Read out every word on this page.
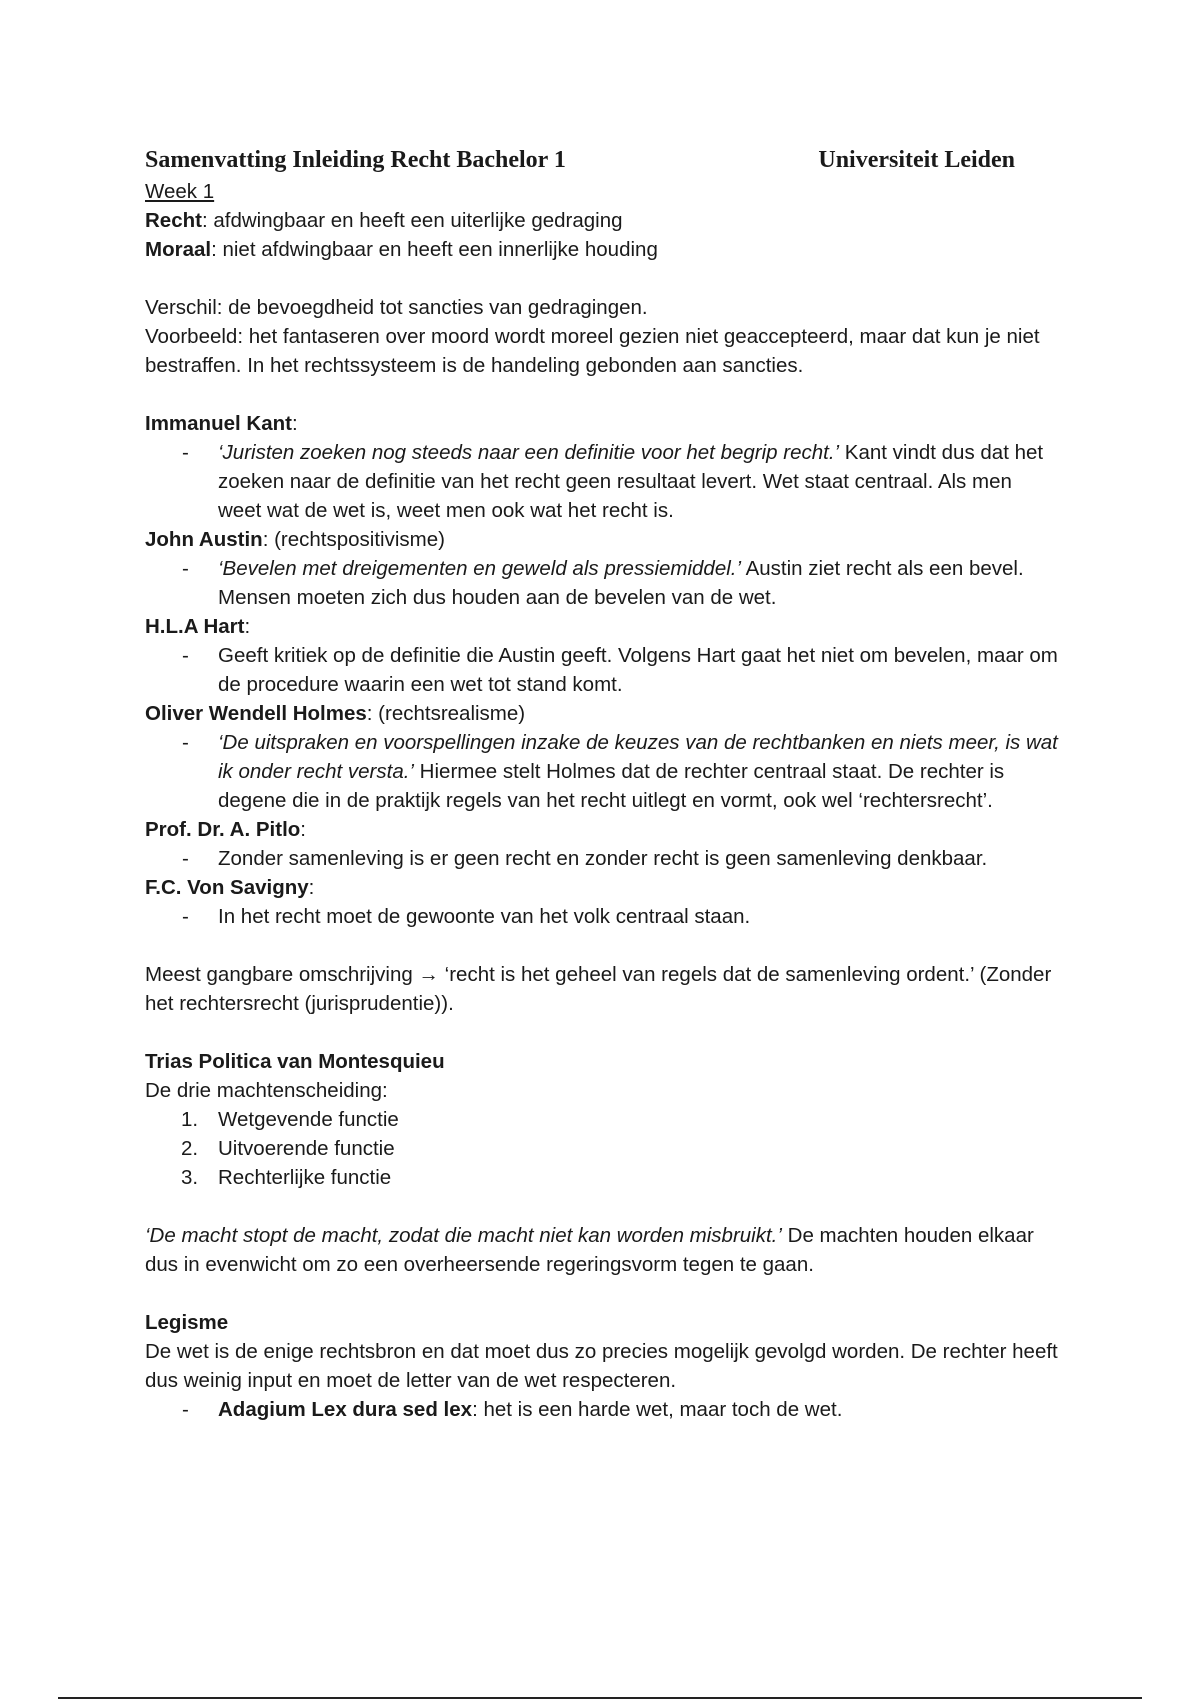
Samenvatting Inleiding Recht Bachelor 1	Universiteit Leiden

Week 1

Recht: afdwingbaar en heeft een uiterlijke gedraging

Moraal: niet afdwingbaar en heeft een innerlijke houding

Verschil: de bevoegdheid tot sancties van gedragingen.

Voorbeeld: het fantaseren over moord wordt moreel gezien niet geaccepteerd, maar dat kun je niet bestraffen. In het rechtssysteem is de handeling gebonden aan sancties.

Immanuel Kant:

- ‘Juristen zoeken nog steeds naar een definitie voor het begrip recht.’ Kant vindt dus dat het zoeken naar de definitie van het recht geen resultaat levert. Wet staat centraal. Als men weet wat de wet is, weet men ook wat het recht is.

John Austin: (rechtspositivisme)

- ‘Bevelen met dreigementen en geweld als pressiemiddel.’ Austin ziet recht als een bevel. Mensen moeten zich dus houden aan de bevelen van de wet.

H.L.A Hart:

- Geeft kritiek op de definitie die Austin geeft. Volgens Hart gaat het niet om bevelen, maar om de procedure waarin een wet tot stand komt.

Oliver Wendell Holmes: (rechtsrealisme)

- ‘De uitspraken en voorspellingen inzake de keuzes van de rechtbanken en niets meer, is wat ik onder recht versta.’ Hiermee stelt Holmes dat de rechter centraal staat. De rechter is degene die in de praktijk regels van het recht uitlegt en vormt, ook wel ‘rechtersrecht’.

Prof. Dr. A. Pitlo:

- Zonder samenleving is er geen recht en zonder recht is geen samenleving denkbaar.

F.C. Von Savigny:

- In het recht moet de gewoonte van het volk centraal staan.

Meest gangbare omschrijving → ‘recht is het geheel van regels dat de samenleving ordent.’ (Zonder het rechtersrecht (jurisprudentie)).

Trias Politica van Montesquieu

De drie machtenscheiding:

1. Wetgevende functie
2. Uitvoerende functie
3. Rechterlijke functie

‘De macht stopt de macht, zodat die macht niet kan worden misbruikt.’ De machten houden elkaar dus in evenwicht om zo een overheersende regeringsvorm tegen te gaan.

Legisme

De wet is de enige rechtsbron en dat moet dus zo precies mogelijk gevolgd worden. De rechter heeft dus weinig input en moet de letter van de wet respecteren.

- Adagium Lex dura sed lex: het is een harde wet, maar toch de wet.
